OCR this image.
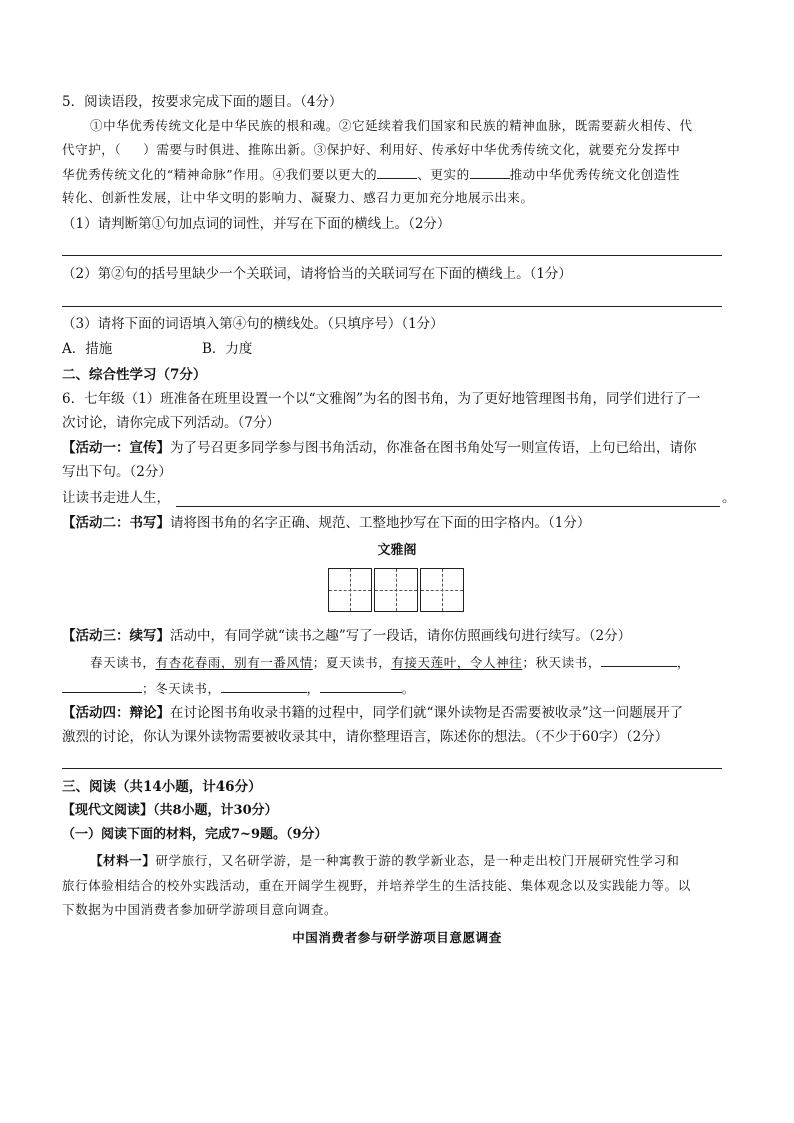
5．阅读语段，按要求完成下面的题目。（4分）
①中华优秀传统文化是中华民族的根和魂。②它延续着我们国家和民族的精神血脉，既需要薪火相传、代
代守护，（ ）需要与时俱进、推陈出新。③保护好、利用好、传承好中华优秀传统文化，就要充分发挥中
华优秀传统文化的“精神命脉”作用。④我们要以更大的	、更实的	推动中华优秀传统文化创造性
转化、创新性发展，让中华文明的影响力、凝聚力、感召力更加充分地展示出来。
（1）请判断第①句加点词的词性，并写在下面的横线上。（2分）
（2）第②句的括号里缺少一个关联词，请将恰当的关联词写在下面的横线上。（1分）
（3）请将下面的词语填入第④句的横线处。（只填序号）（1分）
A．措施	B．力度
二、综合性学习（7分）
6．七年级（1）班准备在班里设置一个以“文雅阁”为名的图书角，为了更好地管理图书角，同学们进行了一
次讨论，请你完成下列活动。（7分）
【活动一：宣传】为了号召更多同学参与图书角活动，你准备在图书角处写一则宣传语，上句已给出，请你
写出下句。（2分）
让读书走进人生，	。
【活动二：书写】请将图书角的名字正确、规范、工整地抄写在下面的田字格内。（1分）
文雅阁
【活动三：续写】活动中，有同学就“读书之趣”写了一段话，请你仿照画线句进行续写。（2分）
春天读书，有杏花春雨，别有一番风情；夏天读书，有接天莲叶，令人神往；秋天读书，	，
；冬天读书，	，	。
【活动四：辩论】在讨论图书角收录书籍的过程中，同学们就“课外读物是否需要被收录”这一问题展开了
激烈的讨论，你认为课外读物需要被收录其中，请你整理语言，陈述你的想法。（不少于60字）（2分）
三、阅读（共14小题，计46分）
【现代文阅读】（共8小题，计30分）
（一）阅读下面的材料，完成7~9题。（9分）
【材料一】研学旅行，又名研学游，是一种寓教于游的教学新业态，是一种走出校门开展研究性学习和
旅行体验相结合的校外实践活动，重在开阔学生视野，并培养学生的生活技能、集体观念以及实践能力等。以
下数据为中国消费者参加研学游项目意向调查。
中国消费者参与研学游项目意愿调查
